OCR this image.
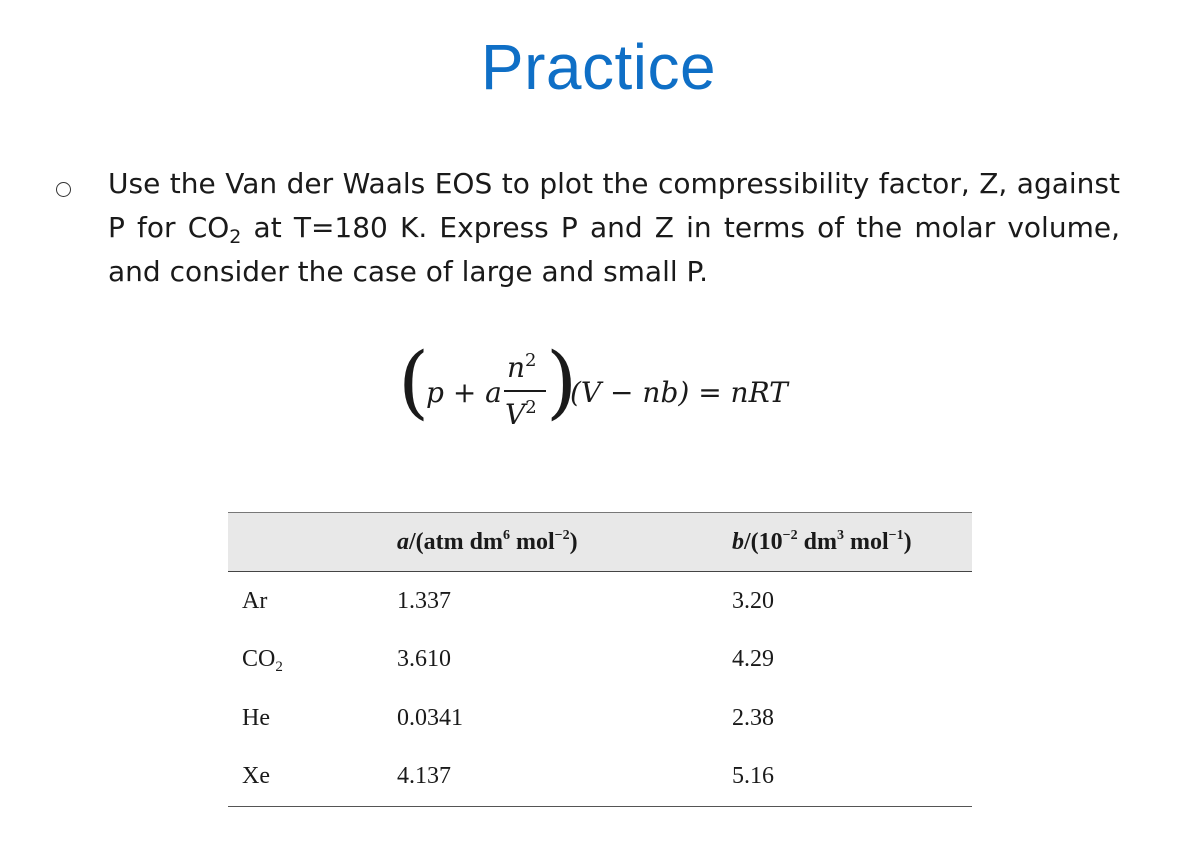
Practice
Use the Van der Waals EOS to plot the compressibility factor, Z, against P for $CO_2$ at T=180 K. Express P and Z in terms of the molar volume, and consider the case of large and small P.
(
p + a
$n^2$
$V^2$ )
(V − nb) = nRT
	a/(atm $dm^6$ mol$^{-2}$)	$b/(10^{-2}$ $dm^3$ mol$^{-1}$)
Ar	1.337	3.20
$CO_2$	3.610	4.29
He	0.0341	2.38
Xe	4.137	5.16
